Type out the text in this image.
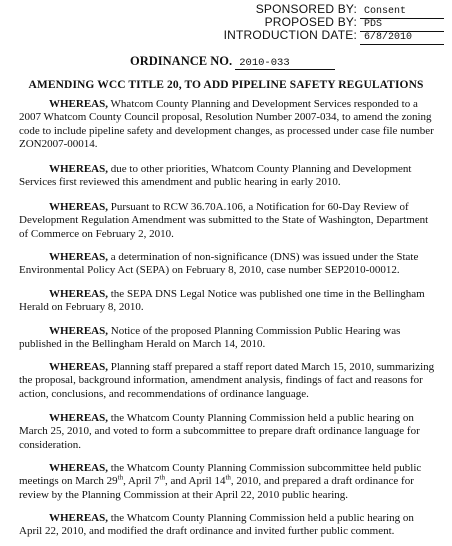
SPONSORED BY: Consent
PROPOSED BY: PDS
INTRODUCTION DATE: 6/8/2010
ORDINANCE NO. 2010-033
AMENDING WCC TITLE 20, TO ADD PIPELINE SAFETY REGULATIONS

WHEREAS, Whatcom County Planning and Development Services responded to a 2007 Whatcom County Council proposal, Resolution Number 2007-034, to amend the zoning code to include pipeline safety and development changes, as processed under case file number ZON2007-00014.

WHEREAS, due to other priorities, Whatcom County Planning and Development Services first reviewed this amendment and public hearing in early 2010.

WHEREAS, Pursuant to RCW 36.70A.106, a Notification for 60-Day Review of Development Regulation Amendment was submitted to the State of Washington, Department of Commerce on February 2, 2010.

WHEREAS, a determination of non-significance (DNS) was issued under the State Environmental Policy Act (SEPA) on February 8, 2010, case number SEP2010-00012.

WHEREAS, the SEPA DNS Legal Notice was published one time in the Bellingham Herald on February 8, 2010.

WHEREAS, Notice of the proposed Planning Commission Public Hearing was published in the Bellingham Herald on March 14, 2010.

WHEREAS, Planning staff prepared a staff report dated March 15, 2010, summarizing the proposal, background information, amendment analysis, findings of fact and reasons for action, conclusions, and recommendations of ordinance language.

WHEREAS, the Whatcom County Planning Commission held a public hearing on March 25, 2010, and voted to form a subcommittee to prepare draft ordinance language for consideration.

WHEREAS, the Whatcom County Planning Commission subcommittee held public meetings on March 29th, April 7th, and April 14th, 2010, and prepared a draft ordinance for review by the Planning Commission at their April 22, 2010 public hearing.

WHEREAS, the Whatcom County Planning Commission held a public hearing on April 22, 2010, and modified the draft ordinance and invited further public comment.
